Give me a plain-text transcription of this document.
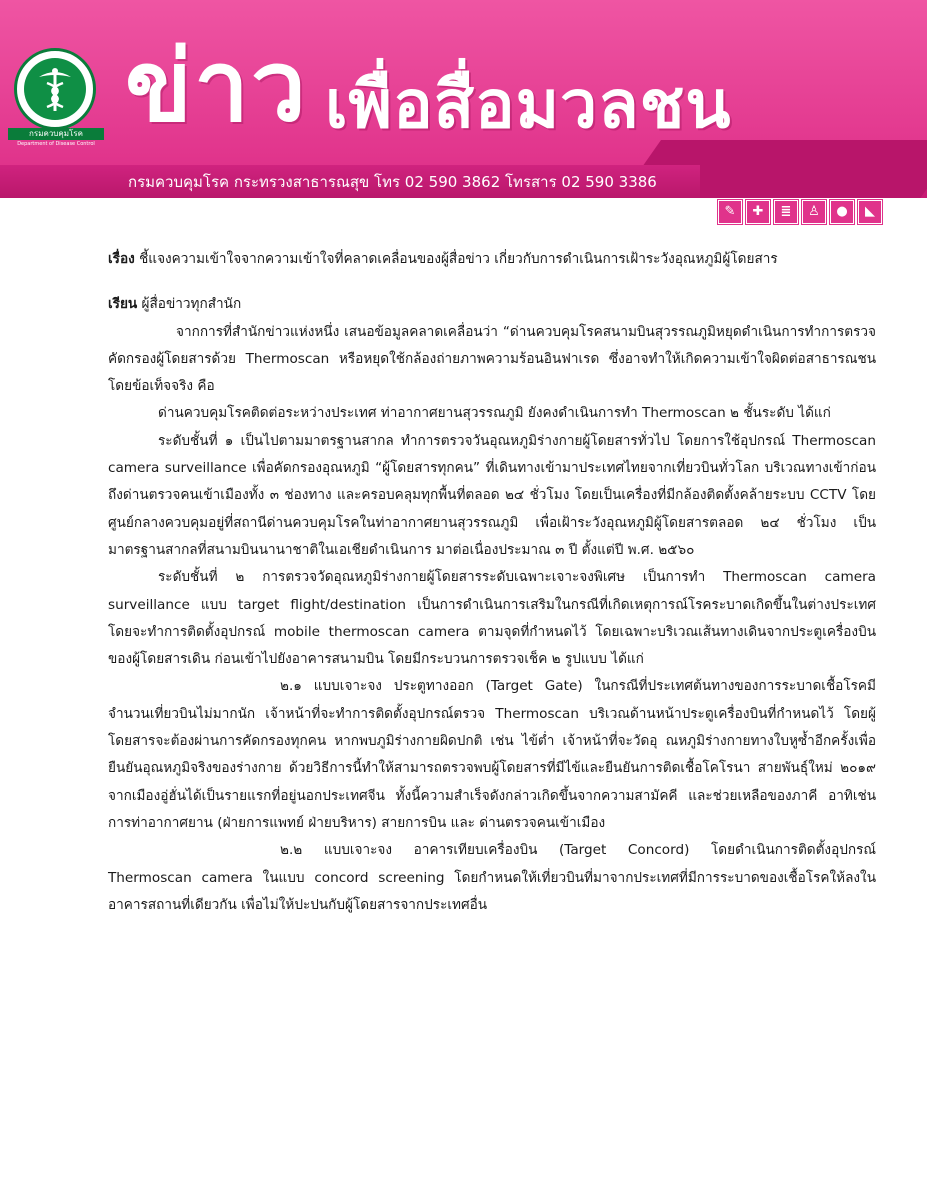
กรมควบคุมโรค
Department of Disease Control ข่าว เพื่อสื่อมวลชน
กรมควบคุมโรค กระทรวงสาธารณสุข โทร 02 590 3862 โทรสาร 02 590 3386
✎	✚	≣	♙	●	◣

เรื่อง ชี้แจงความเข้าใจจากความเข้าใจที่คลาดเคลื่อนของผู้สื่อข่าว เกี่ยวกับการดำเนินการเฝ้าระวังอุณหภูมิผู้โดยสาร

เรียน ผู้สื่อข่าวทุกสำนัก

จากการที่สำนักข่าวแห่งหนึ่ง เสนอข้อมูลคลาดเคลื่อนว่า “ด่านควบคุมโรคสนามบินสุวรรณภูมิหยุดดำเนินการทำการตรวจคัดกรองผู้โดยสารด้วย Thermoscan หรือหยุดใช้กล้องถ่ายภาพความร้อนอินฟาเรด ซึ่งอาจทำให้เกิดความเข้าใจผิดต่อสาธารณชน โดยข้อเท็จจริง คือ

ด่านควบคุมโรคติดต่อระหว่างประเทศ ท่าอากาศยานสุวรรณภูมิ ยังคงดำเนินการทำ Thermoscan ๒ ชั้นระดับ ได้แก่

ระดับชั้นที่ ๑ เป็นไปตามมาตรฐานสากล ทำการตรวจวันอุณหภูมิร่างกายผู้โดยสารทั่วไป โดยการใช้อุปกรณ์ Thermoscan camera surveillance เพื่อคัดกรองอุณหภูมิ “ผู้โดยสารทุกคน” ที่เดินทางเข้ามาประเทศไทยจากเที่ยวบินทั่วโลก บริเวณทางเข้าก่อนถึงด่านตรวจคนเข้าเมืองทั้ง ๓ ช่องทาง และครอบคลุมทุกพื้นที่ตลอด ๒๔ ชั่วโมง โดยเป็นเครื่องที่มีกล้องติดตั้งคล้ายระบบ CCTV โดยศูนย์กลางควบคุมอยู่ที่สถานีด่านควบคุมโรคในท่าอากาศยานสุวรรณภูมิ เพื่อเฝ้าระวังอุณหภูมิผู้โดยสารตลอด ๒๔ ชั่วโมง เป็นมาตรฐานสากลที่สนามบินนานาชาติในเอเชียดำเนินการ มาต่อเนื่องประมาณ ๓ ปี ตั้งแต่ปี พ.ศ. ๒๕๖๐

ระดับชั้นที่ ๒ การตรวจวัดอุณหภูมิร่างกายผู้โดยสารระดับเฉพาะเจาะจงพิเศษ เป็นการทำ Thermoscan camera surveillance แบบ target flight/destination เป็นการดำเนินการเสริมในกรณีที่เกิดเหตุการณ์โรคระบาดเกิดขึ้นในต่างประเทศ โดยจะทำการติดตั้งอุปกรณ์ mobile thermoscan camera ตามจุดที่กำหนดไว้ โดยเฉพาะบริเวณเส้นทางเดินจากประตูเครื่องบินของผู้โดยสารเดิน ก่อนเข้าไปยังอาคารสนามบิน โดยมีกระบวนการตรวจเช็ค ๒ รูปแบบ ได้แก่

๒.๑ แบบเจาะจง ประตูทางออก (Target Gate) ในกรณีที่ประเทศต้นทางของการระบาดเชื้อโรคมีจำนวนเที่ยวบินไม่มากนัก เจ้าหน้าที่จะทำการติดตั้งอุปกรณ์ตรวจ Thermoscan บริเวณด้านหน้าประตูเครื่องบินที่กำหนดไว้ โดยผู้โดยสารจะต้องผ่านการคัดกรองทุกคน หากพบภูมิร่างกายผิดปกติ เช่น ไข้ต่ำ เจ้าหน้าที่จะวัดอุ ณหภูมิร่างกายทางใบหูซ้ำอีกครั้งเพื่อยืนยันอุณหภูมิจริงของร่างกาย ด้วยวิธีการนี้ทำให้สามารถตรวจพบผู้โดยสารที่มีไข้และยืนยันการติดเชื้อโคโรนา สายพันธุ์ใหม่ ๒๐๑๙ จากเมืองอู่ฮั่นได้เป็นรายแรกที่อยู่นอกประเทศจีน ทั้งนี้ความสำเร็จดังกล่าวเกิดขึ้นจากความสามัคคี และช่วยเหลือของภาคี อาทิเช่น การท่าอากาศยาน (ฝ่ายการแพทย์ ฝ่ายบริหาร) สายการบิน และ ด่านตรวจคนเข้าเมือง

๒.๒ แบบเจาะจง อาคารเทียบเครื่องบิน (Target Concord) โดยดำเนินการติดตั้งอุปกรณ์ Thermoscan camera ในแบบ concord screening โดยกำหนดให้เที่ยวบินที่มาจากประเทศที่มีการระบาดของเชื้อโรคให้ลงในอาคารสถานที่เดียวกัน เพื่อไม่ให้ปะปนกับผู้โดยสารจากประเทศอื่น
